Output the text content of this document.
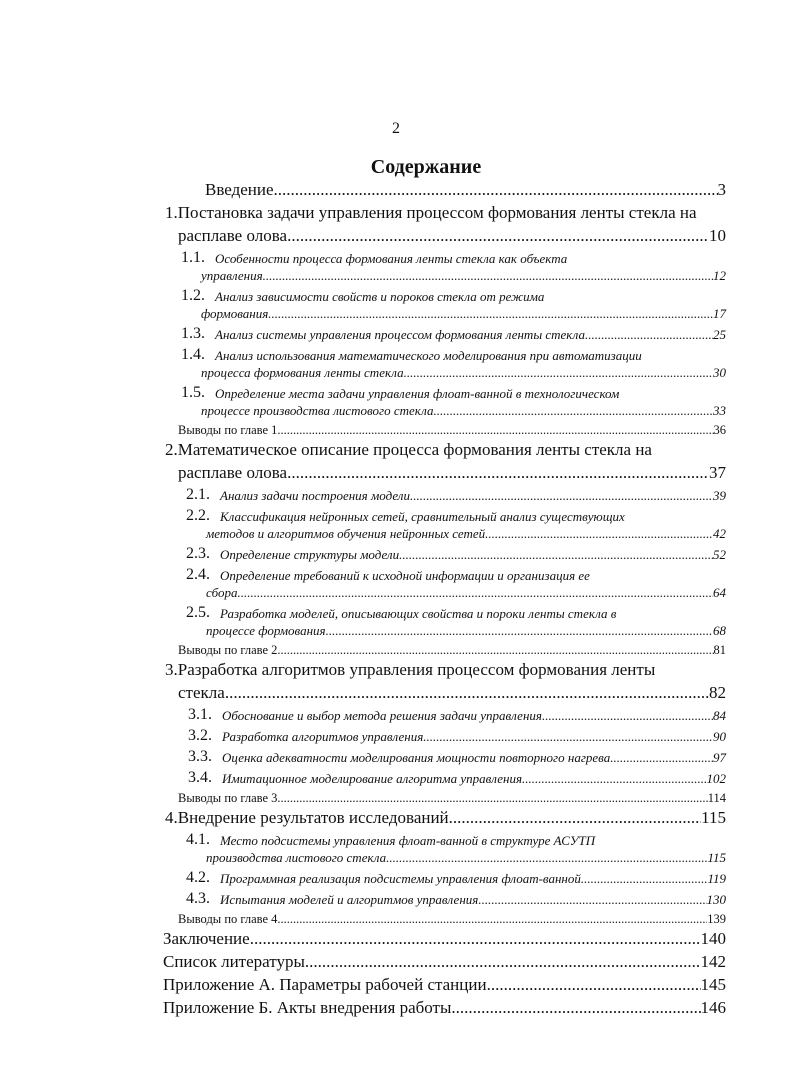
2
Содержание
Введение .....	3
1. Постановка задачи управления процессом формования ленты стекла на
расплаве олова .....	10
1.1. Особенности процесса формования ленты стекла как объекта
управления .....	12
1.2. Анализ зависимости свойств и пороков стекла от режима
формования .....	17
1.3. Анализ системы управления процессом формования ленты стекла .....	25
1.4. Анализ использования математического моделирования при автоматизации
процесса формования ленты стекла .....	30
1.5. Определение места задачи управления флоат-ванной в технологическом
процессе производства листового стекла .....	33
Выводы по главе 1 .....	36
2. Математическое описание процесса формования ленты стекла на
расплаве олова .....	37
2.1. Анализ задачи построения модели .....	39
2.2. Классификация нейронных сетей, сравнительный анализ существующих
методов и алгоритмов обучения нейронных сетей .....	42
2.3. Определение структуры модели .....	52
2.4. Определение требований к исходной информации и организация ее
сбора .....	64
2.5. Разработка моделей, описывающих свойства и пороки ленты стекла в
процессе формования .....	68
Выводы по главе 2 .....	81
3. Разработка алгоритмов управления процессом формования ленты
стекла .....	82
3.1. Обоснование и выбор метода решения задачи управления .....	84
3.2. Разработка алгоритмов управления .....	90
3.3. Оценка адекватности моделирования мощности повторного нагрева .....	97
3.4. Имитационное моделирование алгоритма управления .....	102
Выводы по главе 3 .....	114
4. Внедрение результатов исследований .....	115
4.1. Место подсистемы управления флоат-ванной в структуре АСУТП
производства листового стекла .....	115
4.2. Программная реализация подсистемы управления флоат-ванной .....	119
4.3. Испытания моделей и алгоритмов управления .....	130
Выводы по главе 4 .....	139
Заключение .....	140
Список литературы .....	142
Приложение А. Параметры рабочей станции .....	145
Приложение Б. Акты внедрения работы .....	146
